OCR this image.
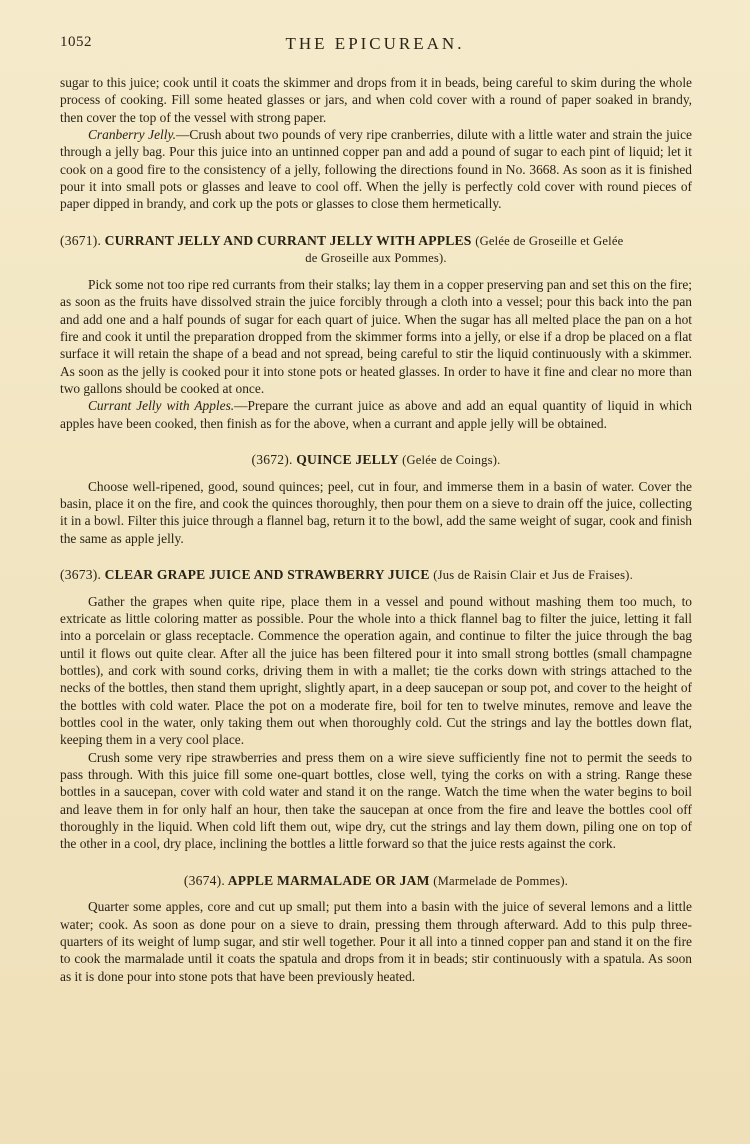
1052	THE EPICUREAN.

sugar to this juice; cook until it coats the skimmer and drops from it in beads, being careful to skim during the whole process of cooking. Fill some heated glasses or jars, and when cold cover with a round of paper soaked in brandy, then cover the top of the vessel with strong paper.

Cranberry Jelly.—Crush about two pounds of very ripe cranberries, dilute with a little water and strain the juice through a jelly bag. Pour this juice into an untinned copper pan and add a pound of sugar to each pint of liquid; let it cook on a good fire to the consistency of a jelly, following the directions found in No. 3668. As soon as it is finished pour it into small pots or glasses and leave to cool off. When the jelly is perfectly cold cover with round pieces of paper dipped in brandy, and cork up the pots or glasses to close them hermetically.

(3671). CURRANT JELLY AND CURRANT JELLY WITH APPLES (Gelée de Groseille et Gelée
de Groseille aux Pommes).

Pick some not too ripe red currants from their stalks; lay them in a copper preserving pan and set this on the fire; as soon as the fruits have dissolved strain the juice forcibly through a cloth into a vessel; pour this back into the pan and add one and a half pounds of sugar for each quart of juice. When the sugar has all melted place the pan on a hot fire and cook it until the preparation dropped from the skimmer forms into a jelly, or else if a drop be placed on a flat surface it will retain the shape of a bead and not spread, being careful to stir the liquid continuously with a skimmer. As soon as the jelly is cooked pour it into stone pots or heated glasses. In order to have it fine and clear no more than two gallons should be cooked at once.

Currant Jelly with Apples.—Prepare the currant juice as above and add an equal quantity of liquid in which apples have been cooked, then finish as for the above, when a currant and apple jelly will be obtained.

(3672). QUINCE JELLY (Gelée de Coings).

Choose well-ripened, good, sound quinces; peel, cut in four, and immerse them in a basin of water. Cover the basin, place it on the fire, and cook the quinces thoroughly, then pour them on a sieve to drain off the juice, collecting it in a bowl. Filter this juice through a flannel bag, return it to the bowl, add the same weight of sugar, cook and finish the same as apple jelly.

(3673). CLEAR GRAPE JUICE AND STRAWBERRY JUICE (Jus de Raisin Clair et Jus de Fraises).

Gather the grapes when quite ripe, place them in a vessel and pound without mashing them too much, to extricate as little coloring matter as possible. Pour the whole into a thick flannel bag to filter the juice, letting it fall into a porcelain or glass receptacle. Commence the operation again, and continue to filter the juice through the bag until it flows out quite clear. After all the juice has been filtered pour it into small strong bottles (small champagne bottles), and cork with sound corks, driving them in with a mallet; tie the corks down with strings attached to the necks of the bottles, then stand them upright, slightly apart, in a deep saucepan or soup pot, and cover to the height of the bottles with cold water. Place the pot on a moderate fire, boil for ten to twelve minutes, remove and leave the bottles cool in the water, only taking them out when thoroughly cold. Cut the strings and lay the bottles down flat, keeping them in a very cool place.

Crush some very ripe strawberries and press them on a wire sieve sufficiently fine not to permit the seeds to pass through. With this juice fill some one-quart bottles, close well, tying the corks on with a string. Range these bottles in a saucepan, cover with cold water and stand it on the range. Watch the time when the water begins to boil and leave them in for only half an hour, then take the saucepan at once from the fire and leave the bottles cool off thoroughly in the liquid. When cold lift them out, wipe dry, cut the strings and lay them down, piling one on top of the other in a cool, dry place, inclining the bottles a little forward so that the juice rests against the cork.

(3674). APPLE MARMALADE OR JAM (Marmelade de Pommes).

Quarter some apples, core and cut up small; put them into a basin with the juice of several lemons and a little water; cook. As soon as done pour on a sieve to drain, pressing them through afterward. Add to this pulp three-quarters of its weight of lump sugar, and stir well together. Pour it all into a tinned copper pan and stand it on the fire to cook the marmalade until it coats the spatula and drops from it in beads; stir continuously with a spatula. As soon as it is done pour into stone pots that have been previously heated.
